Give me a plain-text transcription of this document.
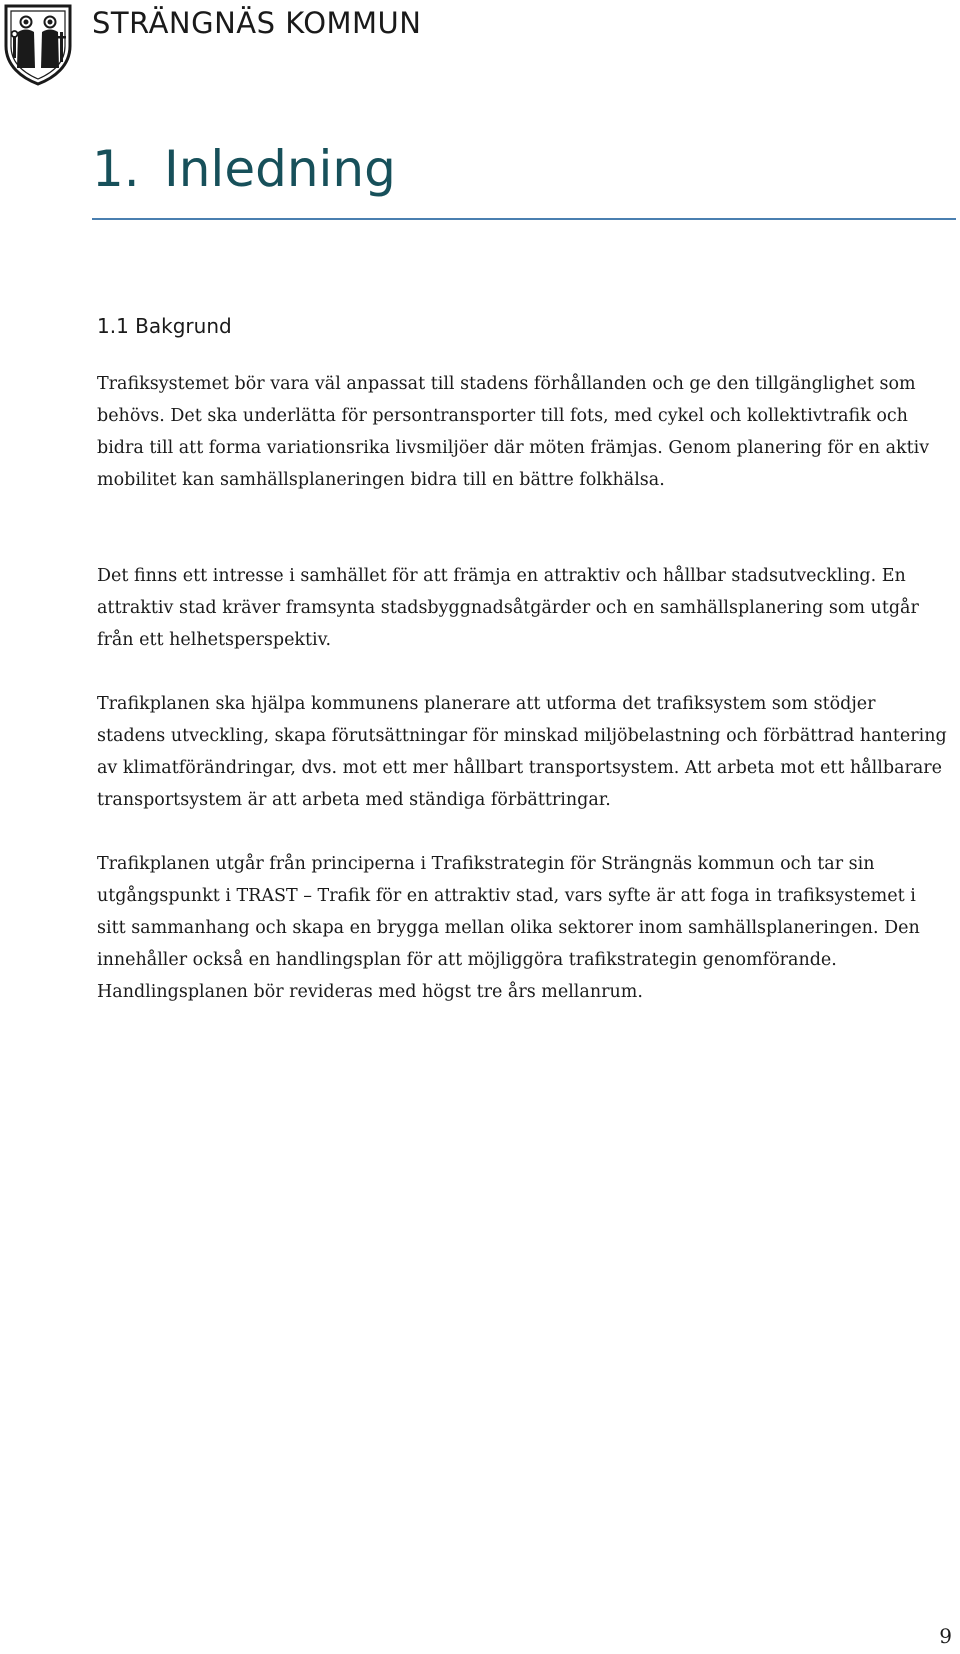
STRÄNGNÄS KOMMUN
1. Inledning
1.1 Bakgrund

Trafiksystemet bör vara väl anpassat till stadens förhållanden och ge den tillgänglighet som behövs. Det ska underlätta för persontransporter till fots, med cykel och kollektivtrafik och bidra till att forma variationsrika livsmiljöer där möten främjas. Genom planering för en aktiv mobilitet kan samhällsplaneringen bidra till en bättre folkhälsa.

Det finns ett intresse i samhället för att främja en attraktiv och hållbar stadsutveckling. En attraktiv stad kräver framsynta stadsbyggnadsåtgärder och en samhällsplanering som utgår från ett helhetsperspektiv.

Trafikplanen ska hjälpa kommunens planerare att utforma det trafiksystem som stödjer stadens utveckling, skapa förutsättningar för minskad miljöbelastning och förbättrad hantering av klimatförändringar, dvs. mot ett mer hållbart transportsystem. Att arbeta mot ett hållbarare transportsystem är att arbeta med ständiga förbättringar.

Trafikplanen utgår från principerna i Trafikstrategin för Strängnäs kommun och tar sin utgångspunkt i TRAST – Trafik för en attraktiv stad, vars syfte är att foga in trafiksystemet i sitt sammanhang och skapa en brygga mellan olika sektorer inom samhällsplaneringen. Den innehåller också en handlingsplan för att möjliggöra trafikstrategin genomförande. Handlingsplanen bör revideras med högst tre års mellanrum.

9
